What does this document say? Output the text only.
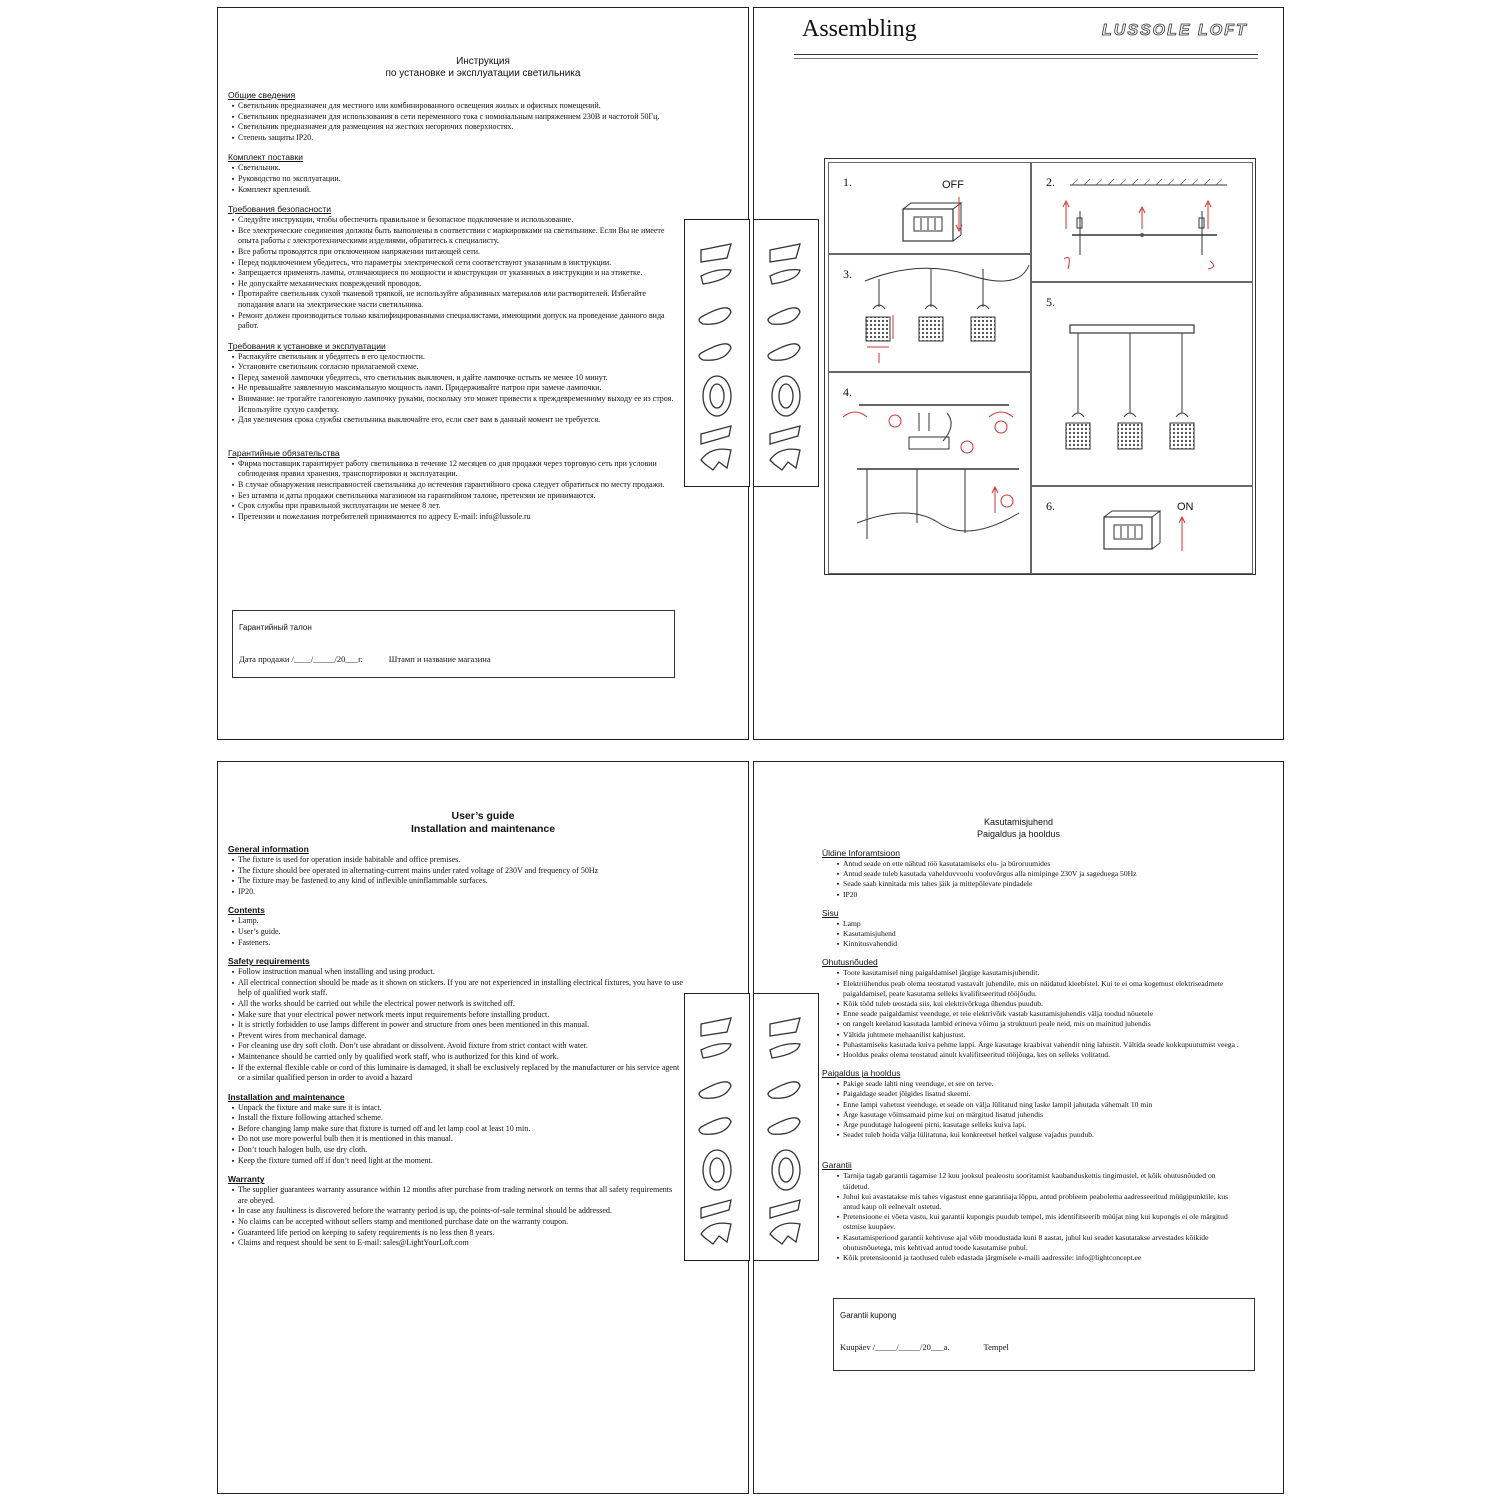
Инструкция
по установке и эксплуатации светильника
Общие сведения
▪ Светильник предназначен для местного или комбинированного освещения жилых и офисных помещений.
▪ Светильник предназначен для использования в сети переменного тока с номинальным напряжением 230В и частотой 50Гц.
▪ Светильник предназначен для размещения на жестких негорючих поверхностях.
▪ Степень защиты IP20.
Комплект поставки
▪ Светильник.
▪ Руководство по эксплуатации.
▪ Комплект креплений.
Требования безопасности
▪ Следуйте инструкции, чтобы обеспечить правильное и безопасное подключение и использование.
▪ Все электрические соединения должны быть выполнены в соответствии с маркировками на светильнике. Если Вы не имеете опыта работы с электротехническими изделиями, обратитесь к специалисту.
▪ Все работы проводятся при отключенном напряжении питающей сети.
▪ Перед подключением убедитесь, что параметры электрической сети соответствуют указанным в инструкции.
▪ Запрещается применять лампы, отличающиеся по мощности и конструкции от указанных в инструкции и на этикетке.
▪ Не допускайте механических повреждений проводов.
▪ Протирайте светильник сухой тканевой тряпкой, не используйте абразивных материалов или растворителей. Избегайте попадания влаги на электрические части светильника.
▪ Ремонт должен производиться только квалифицированными специалистами, имеющими допуск на проведение данного вида работ.
Требования к установке и эксплуатации
▪ Распакуйте светильник и убедитесь в его целостности.
▪ Установите светильник согласно прилагаемой схеме.
▪ Перед заменой лампочки убедитесь, что светильник выключен, и дайте лампочке остыть не менее 10 минут.
▪ Не превышайте заявленную максимальную мощность ламп. Придерживайте патрон при замене лампочки.
▪ Внимание: не трогайте галогеновую лампочку руками, поскольку это может привести к преждевременному выходу ее из строя. Используйте сухую салфетку.
▪ Для увеличения срока службы светильника выключайте его, если свет вам в данный момент не требуется.
Гарантийные обязательства
▪ Фирма поставщик гарантирует работу светильника в течение 12 месяцев со дня продажи через торговую сеть при условии соблюдения правил хранения, транспортировки и эксплуатации.
▪ В случае обнаружения неисправностей светильника до истечения гарантийного срока следует обратиться по месту продажи.
▪ Без штампа и даты продажи светильника магазином на гарантийном талоне, претензии не принимаются.
▪ Срок службы при правильной эксплуатации не менее 8 лет.
▪ Претензии и пожелания потребителей принимаются по адресу E-mail: info@lussole.ru
Гарантийный талон
Дата продажи /____/_____/20___г.	Штамп и название магазина
Assembling	LUSSOLE LOFT
1.	OFF	2.
3.
4.
5.
6.	ON
User’s guide
Installation and maintenance
General information
▪ The fixture is used for operation inside habitable and office premises.
▪ The fixture should bee operated in alternating-current mains under rated voltage of 230V and frequency of 50Hz
▪ The fixture may be fastened to any kind of inflexible uninflammable surfaces.
▪ IP20.
Contents
▪ Lamp.
▪ User’s guide.
▪ Fasteners.
Safety requirements
▪ Follow instruction manual when installing and using product.
▪ All electrical connection should be made as it shown on stickers. If you are not experienced in installing electrical fixtures, you have to use help of qualified work staff.
▪ All the works should be carried out while the electrical power network is switched off.
▪ Make sure that your electrical power network meets input requirements before installing product.
▪ It is strictly forbidden to use lamps different in power and structure from ones been mentioned in this manual.
▪ Prevent wires from mechanical damage.
▪ For cleaning use dry soft cloth. Don’t use abradant or dissolvent. Avoid fixture from strict contact with water.
▪ Maintenance should be carried only by qualified work staff, who is authorized for this kind of work.
▪ If the external flexible cable or cord of this luminaire is damaged, it shall be exclusively replaced by the manufacturer or his service agent or a similar qualified person in order to avoid a hazard
Installation and maintenance
▪ Unpack the fixture and make sure it is intact.
▪ Install the fixture following attached scheme.
▪ Before changing lamp make sure that fixture is turned off and let lamp cool at least 10 min.
▪ Do not use more powerful bulb then it is mentioned in this manual.
▪ Don’t touch halogen bulb, use dry cloth.
▪ Keep the fixture turned off if don’t need light at the moment.
Warranty
▪ The supplier guarantees warranty assurance within 12 months after purchase from trading network on terms that all safety requirements are obeyed.
▪ In case any faultiness is discovered before the warranty period is up, the points-of-sale terminal should be addressed.
▪ No claims can be accepted without sellers stamp and mentioned purchase date on the warranty coupon.
▪ Guaranteed life period on keeping to safety requirements is no less then 8 years.
▪ Claims and request should be sent to E-mail: sales@LightYourLoft.com
Kasutamisjuhend
Paigaldus ja hooldus
Üldine Inforamtsioon
▪ Antud seade on ette nähtud töö kasutatamiseks elu- ja büroruumides
▪ Antud seade tuleb kasutada vahelduvvoolu vooluvõrgus alla nimipinge 230V ja sageduega 50Hz
▪ Seade saab kinnitada mis tahes jäik ja mittepõlevate pindadele
▪ IP20
Sisu
▪ Lamp
▪ Kasutamisjuhend
▪ Kinnitusvahendid
Ohutusnõuded
▪ Toote kasutamisel ning paigaldamisel järgige kasutamisjuhendit.
▪ Elektriühendus peab olema teostatud vastavalt juhendile, mis on näidatud kleebistel. Kui te ei oma kogemust elektriseadmete paigaldamisel, peate kasutama selleks kvalifitseeritud tööjõudu.
▪ Kõik tööd tuleb teostada siis, kui elektrivõrkuga ühendus puudub.
▪ Enne seade paigaldamist veenduge, et teie elektrivõrk vastab kasutamisjuhendis välja toodud nõuetele
▪ on rangelt keelatud kasutada lambid erineva võimu ja struktuuri peale neid, mis on mainitud juhendis
▪ Vältida juhtmete mehaanilist kahjustust.
▪ Puhastamiseks kasutada kuiva pehme lappi. Ärge kasutage kraabivat vahendit ning lahustit. Vältida seade kokkupuutumist veega .
▪ Hooldus peaks olema teostatud ainult kvalifitseeritud tööjõuga, kes on selleks volitatud.
Paigaldus ja hooldus
▪ Pakige seade lahti ning veenduge, et see on terve.
▪ Paigaldage seadet jõlgides lisatud skeemi.
▪ Enne lampi vahetust veenduge, et seade on välja lülitatud ning laske lampil jahutada vähemalt 10 min
▪ Ärge kasutage võimsamaid pirne kui on märgitud lisatud juhendis
▪ Ärge puudutage halogeeni pirni, kasutage selleks kuiva lapi.
▪ Seadet tuleb hoida välja lülitatuna, kui konkreetsel hetkel valguse vajadus puudub.
Garantii
▪ Tarnija tagab garantii tagamise 12 kuu jooksul pealeostu sooritamist kaubanduskettis tingimustel, et kõik ohutusnõuded on täidetud.
▪ Juhul kui avastatakse mis tahes vigastust enne garantiiaja lõppu, antud probleem peabolema aadresseeritud müügipunktile, kus antud kaup oli eelnevalt ostetud.
▪ Pretensioone ei võeta vastu, kui garantii kupongis puudub tempel, mis identifitseerib müüjat ning kui kupongis ei ole märgitud ostmise kuupäev.
▪ Kasutamisperiood garantii kehtivuse ajal võib moodustada kuni 8 aastat, juhul kui seadet kasutatakse arvestades kõikide ohutusnõuetega, mis kehtivad antud toode kasutamise puhul.
▪ Kõik pretensioonid ja taotlused tuleb edastada järgmisele e-maili aadressile: info@lightconcept.ee
Garantii kupong
Kuupäev /_____/_____/20___a.	Tempel
